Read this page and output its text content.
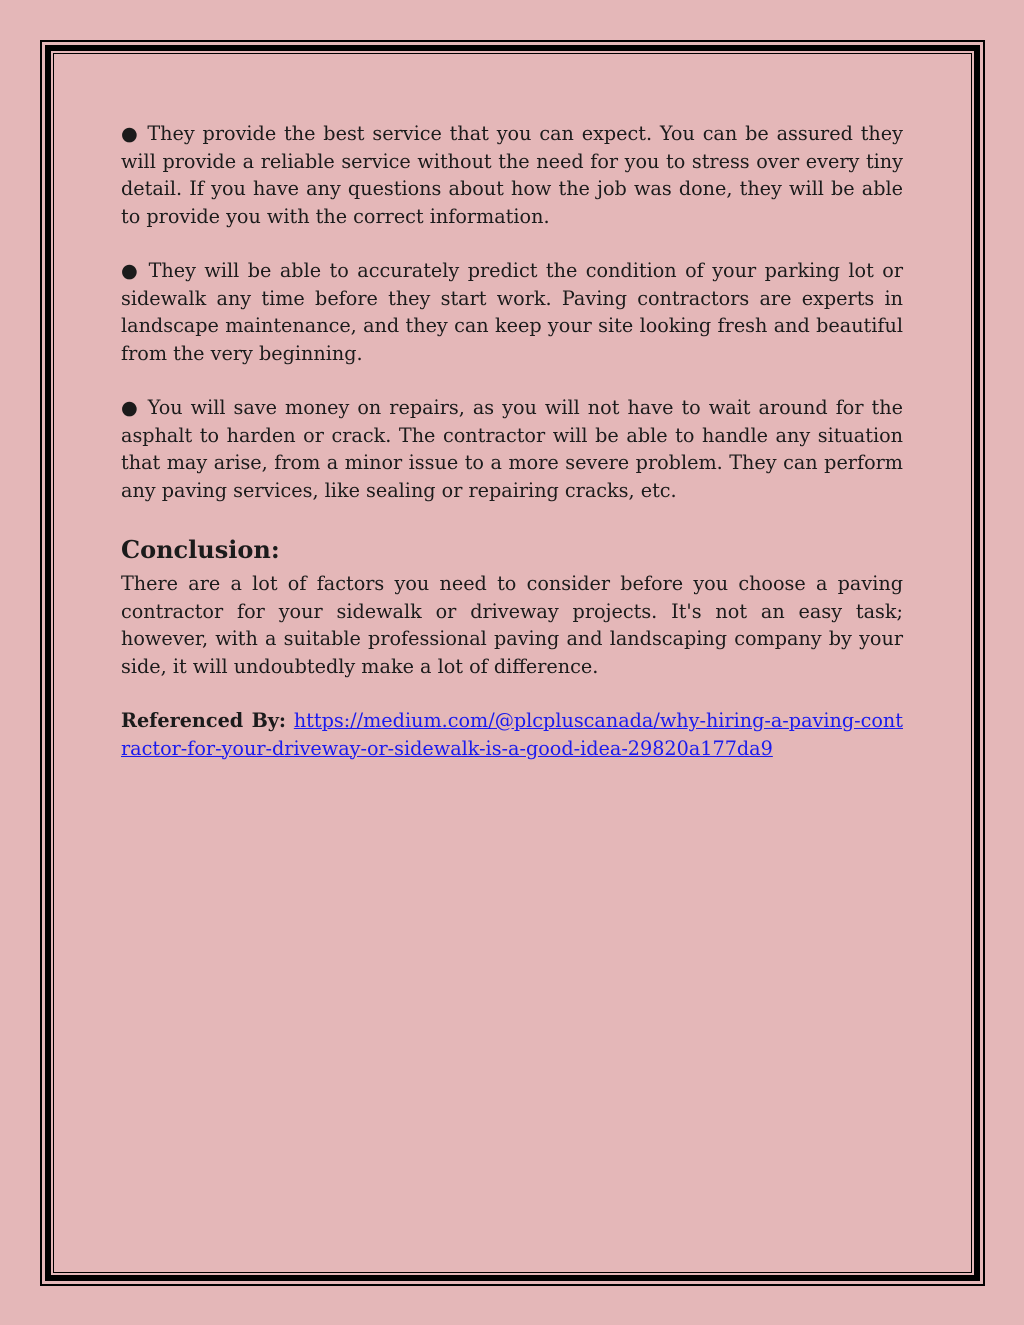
● They provide the best service that you can expect. You can be assured they will provide a reliable service without the need for you to stress over every tiny detail. If you have any questions about how the job was done, they will be able to provide you with the correct information.

● They will be able to accurately predict the condition of your parking lot or sidewalk any time before they start work. Paving contractors are experts in landscape maintenance, and they can keep your site looking fresh and beautiful from the very beginning.

● You will save money on repairs, as you will not have to wait around for the asphalt to harden or crack. The contractor will be able to handle any situation that may arise, from a minor issue to a more severe problem. They can perform any paving services, like sealing or repairing cracks, etc.

Conclusion:

There are a lot of factors you need to consider before you choose a paving contractor for your sidewalk or driveway projects. It's not an easy task; however, with a suitable professional paving and landscaping company by your side, it will undoubtedly make a lot of difference.

Referenced By: https://medium.com/@plcpluscanada/why-hiring-a-paving-contractor-for-your-driveway-or-sidewalk-is-a-good-idea-29820a177da9
